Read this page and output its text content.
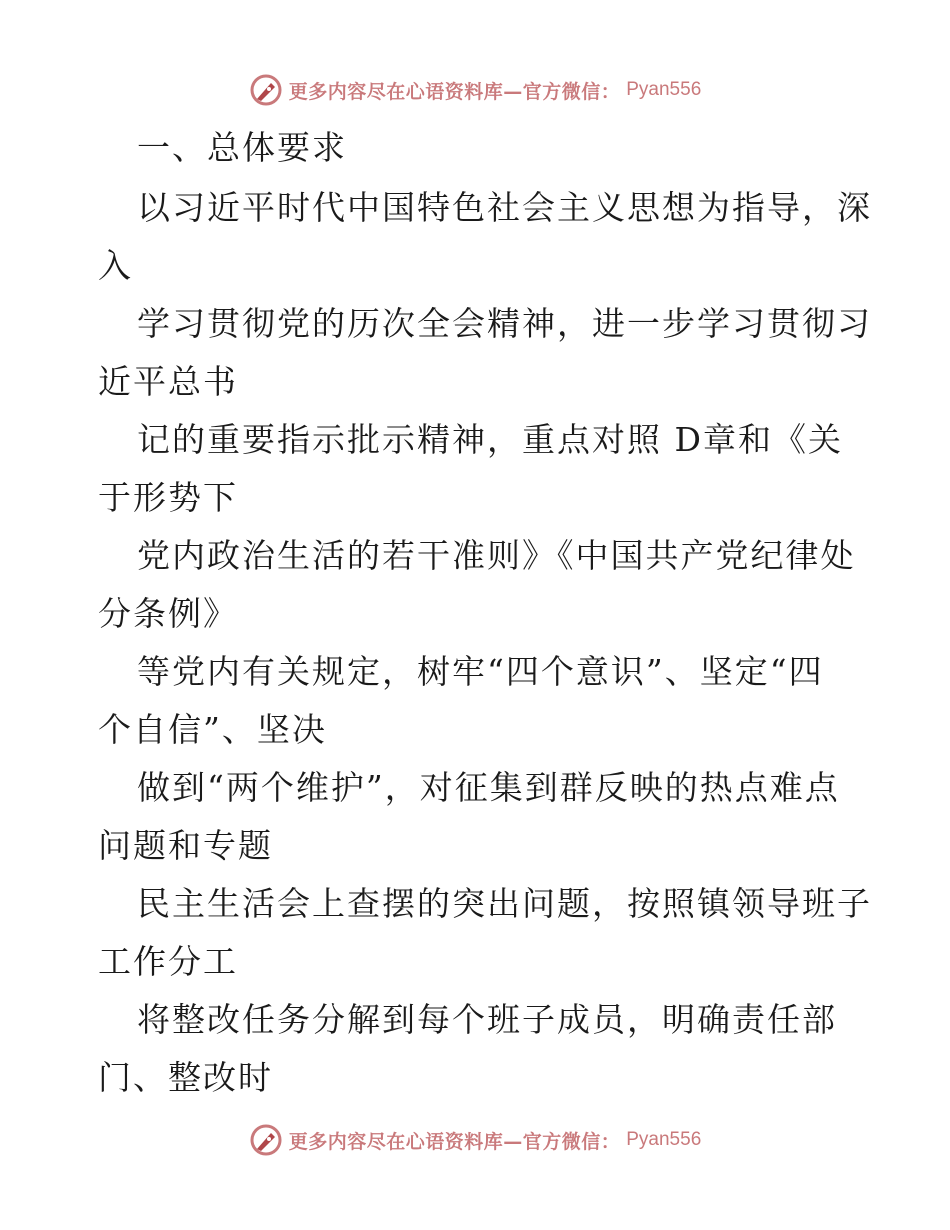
更多内容尽在心语资料库—官方微信： Pyan556
一、总体要求
以习近平时代中国特色社会主义思想为指导，深
入
学习贯彻党的历次全会精神，进一步学习贯彻习
近平总书
记的重要指示批示精神，重点对照 D章和《关
于形势下
党内政治生活的若干准则》《中国共产党纪律处
分条例》
等党内有关规定，树牢“四个意识”、坚定“四
个自信”、坚决
做到“两个维护”，对征集到群反映的热点难点
问题和专题
民主生活会上查摆的突出问题，按照镇领导班子
工作分工
将整改任务分解到每个班子成员，明确责任部
门、整改时
更多内容尽在心语资料库—官方微信： Pyan556
